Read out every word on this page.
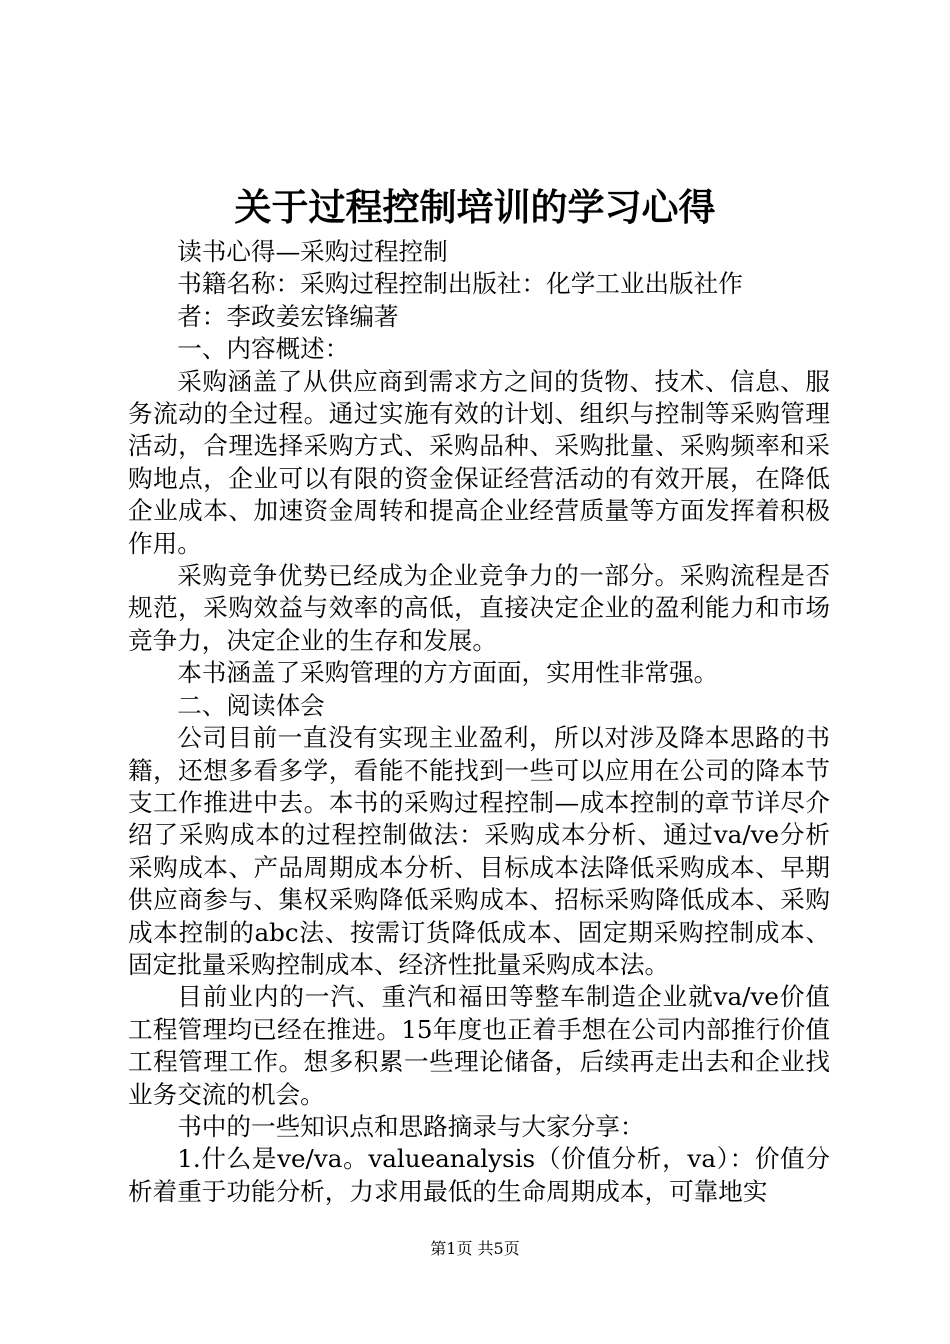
关于过程控制培训的学习心得

读书心得—采购过程控制

书籍名称：采购过程控制出版社：化学工业出版社作

者：李政姜宏锋编著

一、内容概述：

采购涵盖了从供应商到需求方之间的货物、技术、信息、服务流动的全过程。通过实施有效的计划、组织与控制等采购管理活动，合理选择采购方式、采购品种、采购批量、采购频率和采购地点，企业可以有限的资金保证经营活动的有效开展，在降低企业成本、加速资金周转和提高企业经营质量等方面发挥着积极作用。

采购竞争优势已经成为企业竞争力的一部分。采购流程是否规范，采购效益与效率的高低，直接决定企业的盈利能力和市场竞争力，决定企业的生存和发展。

本书涵盖了采购管理的方方面面，实用性非常强。

二、阅读体会

公司目前一直没有实现主业盈利，所以对涉及降本思路的书籍，还想多看多学，看能不能找到一些可以应用在公司的降本节支工作推进中去。本书的采购过程控制—成本控制的章节详尽介绍了采购成本的过程控制做法：采购成本分析、通过va/ve分析采购成本、产品周期成本分析、目标成本法降低采购成本、早期供应商参与、集权采购降低采购成本、招标采购降低成本、采购成本控制的abc法、按需订货降低成本、固定期采购控制成本、固定批量采购控制成本、经济性批量采购成本法。

目前业内的一汽、重汽和福田等整车制造企业就va/ve价值工程管理均已经在推进。15年度也正着手想在公司内部推行价值工程管理工作。想多积累一些理论储备，后续再走出去和企业找业务交流的机会。

书中的一些知识点和思路摘录与大家分享：

1.什么是ve/va。valueanalysis（价值分析，va）：价值分析着重于功能分析，力求用最低的生命周期成本，可靠地实

第1页 共5页
